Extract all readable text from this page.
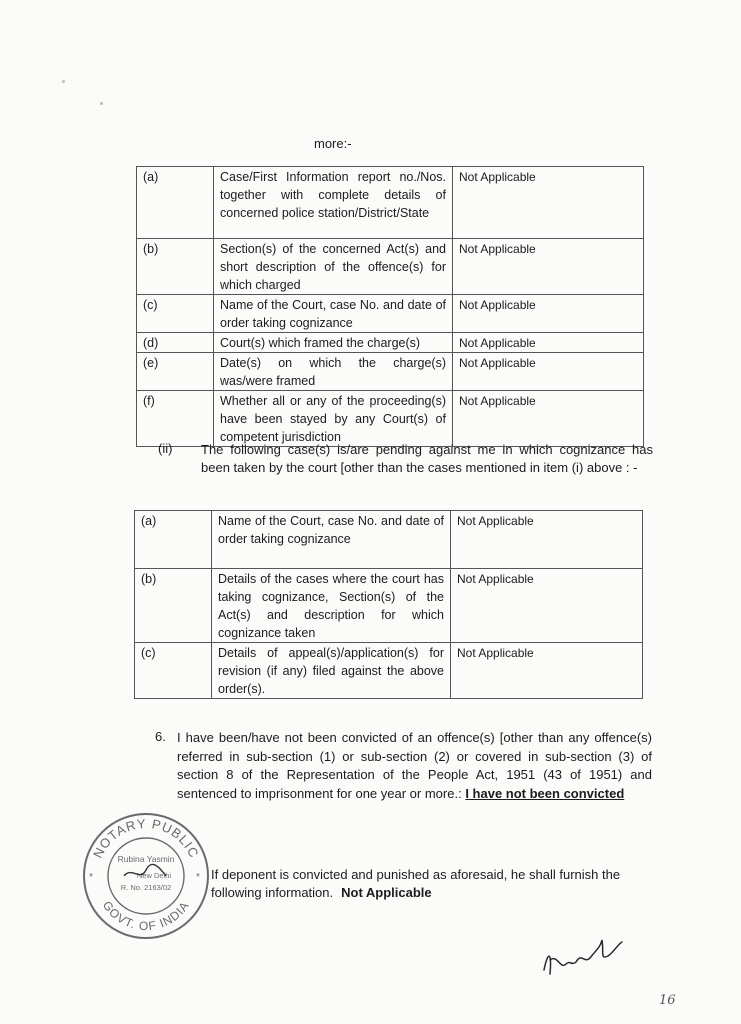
more:-
(a)	Case/First Information report no./Nos. together with complete details of concerned police station/District/State	Not Applicable
(b)	Section(s) of the concerned Act(s) and short description of the offence(s) for which charged	Not Applicable
(c)	Name of the Court, case No. and date of order taking cognizance	Not Applicable
(d)	Court(s) which framed the charge(s)	Not Applicable
(e)	Date(s) on which the charge(s) was/were framed	Not Applicable
(f)	Whether all or any of the proceeding(s) have been stayed by any Court(s) of competent jurisdiction	Not Applicable
(ii) The following case(s) is/are pending against me in which cognizance has been taken by the court [other than the cases mentioned in item (i) above : -
(a)	Name of the Court, case No. and date of order taking cognizance	Not Applicable
(b)	Details of the cases where the court has taking cognizance, Section(s) of the Act(s) and description for which cognizance taken	Not Applicable
(c)	Details of appeal(s)/application(s) for revision (if any) filed against the above order(s).	Not Applicable
6. I have been/have not been convicted of an offence(s) [other than any offence(s) referred in sub-section (1) or sub-section (2) or covered in sub-section (3) of section 8 of the Representation of the People Act, 1951 (43 of 1951) and sentenced to imprisonment for one year or more.: I have not been convicted
If deponent is convicted and punished as aforesaid, he shall furnish the following information. Not Applicable
NOTARY PUBLIC
GOVT. OF INDIA
Rubina Yasmin
New Delhi
R. No. 2163/02
*	*
16
